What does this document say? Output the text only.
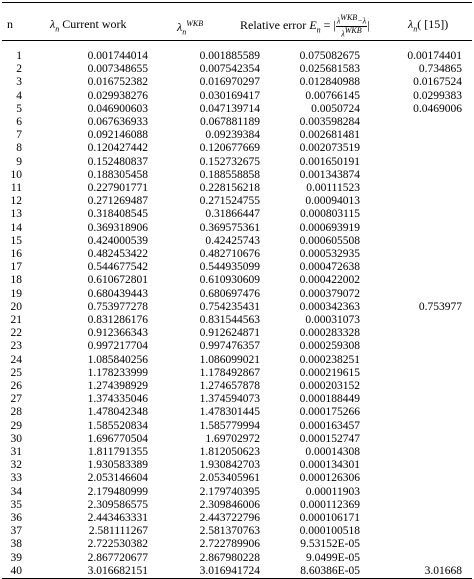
n	$\lambda_n$ Current work	$\lambda_n^{WKB}$	Relative error $E_n$ = | $\frac{\lambda^{WKB}-\lambda}{\lambda^{WKB}}$ |	$\lambda_n$( [15])
1	0.001744014	0.001885589	0.075082675	0.00174401
2	0.007348655	0.007542354	0.025681583	0.734865
3	0.016752382	0.016970297	0.012840988	0.0167524
4	0.029938276	0.030169417	0.00766145	0.0299383
5	0.046900603	0.047139714	0.0050724	0.0469006
6	0.067636933	0.067881189	0.003598284
7	0.092146088	0.09239384	0.002681481
8	0.120427442	0.120677669	0.002073519
9	0.152480837	0.152732675	0.001650191
10	0.188305458	0.188558858	0.001343874
11	0.227901771	0.228156218	0.00111523
12	0.271269487	0.271524755	0.00094013
13	0.318408545	0.31866447	0.000803115
14	0.369318906	0.369575361	0.000693919
15	0.424000539	0.42425743	0.000605508
16	0.482453422	0.482710676	0.000532935
17	0.544677542	0.544935099	0.000472638
18	0.610672801	0.610930609	0.000422002
19	0.680439443	0.680697476	0.000379072
20	0.753977278	0.754235431	0.000342363	0.753977
21	0.831286176	0.831544563	0.00031073
22	0.912366343	0.912624871	0.000283328
23	0.997217704	0.997476357	0.000259308
24	1.085840256	1.086099021	0.000238251
25	1.178233999	1.178492867	0.000219615
26	1.274398929	1.274657878	0.000203152
27	1.374335046	1.374594073	0.000188449
28	1.478042348	1.478301445	0.000175266
29	1.585520834	1.585779994	0.000163457
30	1.696770504	1.69702972	0.000152747
31	1.811791355	1.812050623	0.00014308
32	1.930583389	1.930842703	0.000134301
33	2.053146604	2.053405961	0.000126306
34	2.179480999	2.179740395	0.00011903
35	2.309586575	2.309846006	0.000112369
36	2.443463331	2.443722796	0.000106171
37	2.581111267	2.581370763	0.000100518
38	2.722530382	2.722789906	9.53152E-05
39	2.867720677	2.867980228	9.0499E-05
40	3.016682151	3.016941724	8.60386E-05	3.01668
